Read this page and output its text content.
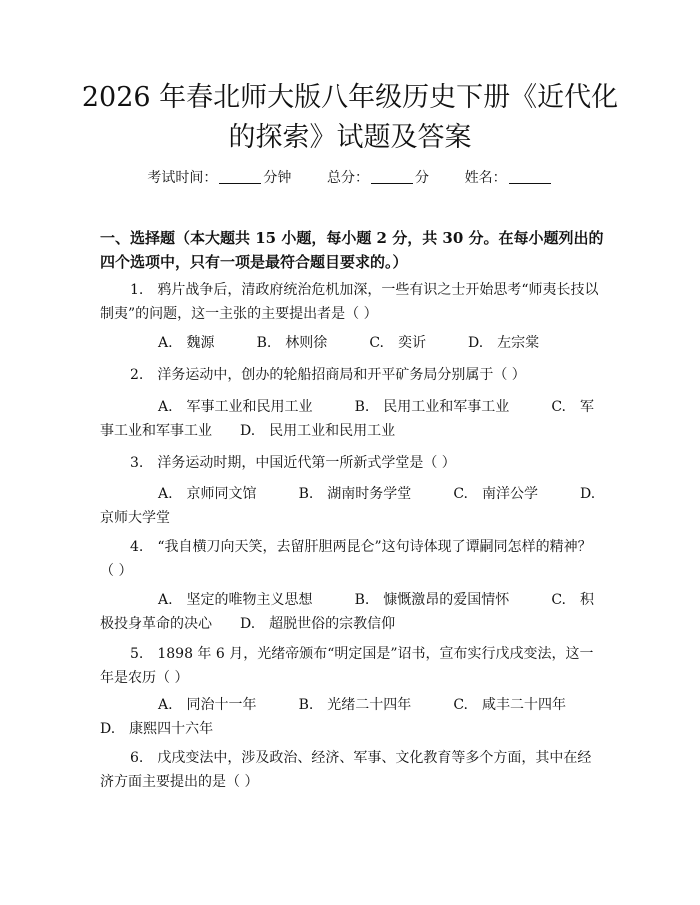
2026 年春北师大版八年级历史下册《近代化
的探索》试题及答案
考试时间：	分钟	总分：	分	姓名：

一、选择题（本大题共 15 小题，每小题 2 分，共 30 分。在每小题列出的四个选项中，只有一项是最符合题目要求的。）

1.　鸦片战争后，清政府统治危机加深，一些有识之士开始思考“师夷长技以制夷”的问题，这一主张的主要提出者是（ ）

A.　魏源　　　	B.　林则徐　　　	C.　奕䜣　　　	D.　左宗棠

2.　洋务运动中，创办的轮船招商局和开平矿务局分别属于（ ）

A.　军事工业和民用工业　　　	B.　民用工业和军事工业　　　	C.　军事工业和军事工业　　 D.　民用工业和民用工业

3.　洋务运动时期，中国近代第一所新式学堂是（ ）

A.　京师同文馆　　　	B.　湖南时务学堂　　　	C.　南洋公学　　　	D.　京师大学堂

4.　“我自横刀向天笑，去留肝胆两昆仑”这句诗体现了谭嗣同怎样的精神？（ ）

A.　坚定的唯物主义思想　　　	B.　慷慨激昂的爱国情怀　　　	C.　积极投身革命的决心　　 D.　超脱世俗的宗教信仰

5.　1898 年 6 月，光绪帝颁布“明定国是”诏书，宣布实行戊戌变法，这一年是农历（ ）

A.　同治十一年　　　	B.　光绪二十四年　　　	C.　咸丰二十四年　　　D.　康熙四十六年

6.　戊戌变法中，涉及政治、经济、军事、文化教育等多个方面，其中在经济方面主要提出的是（ ）
